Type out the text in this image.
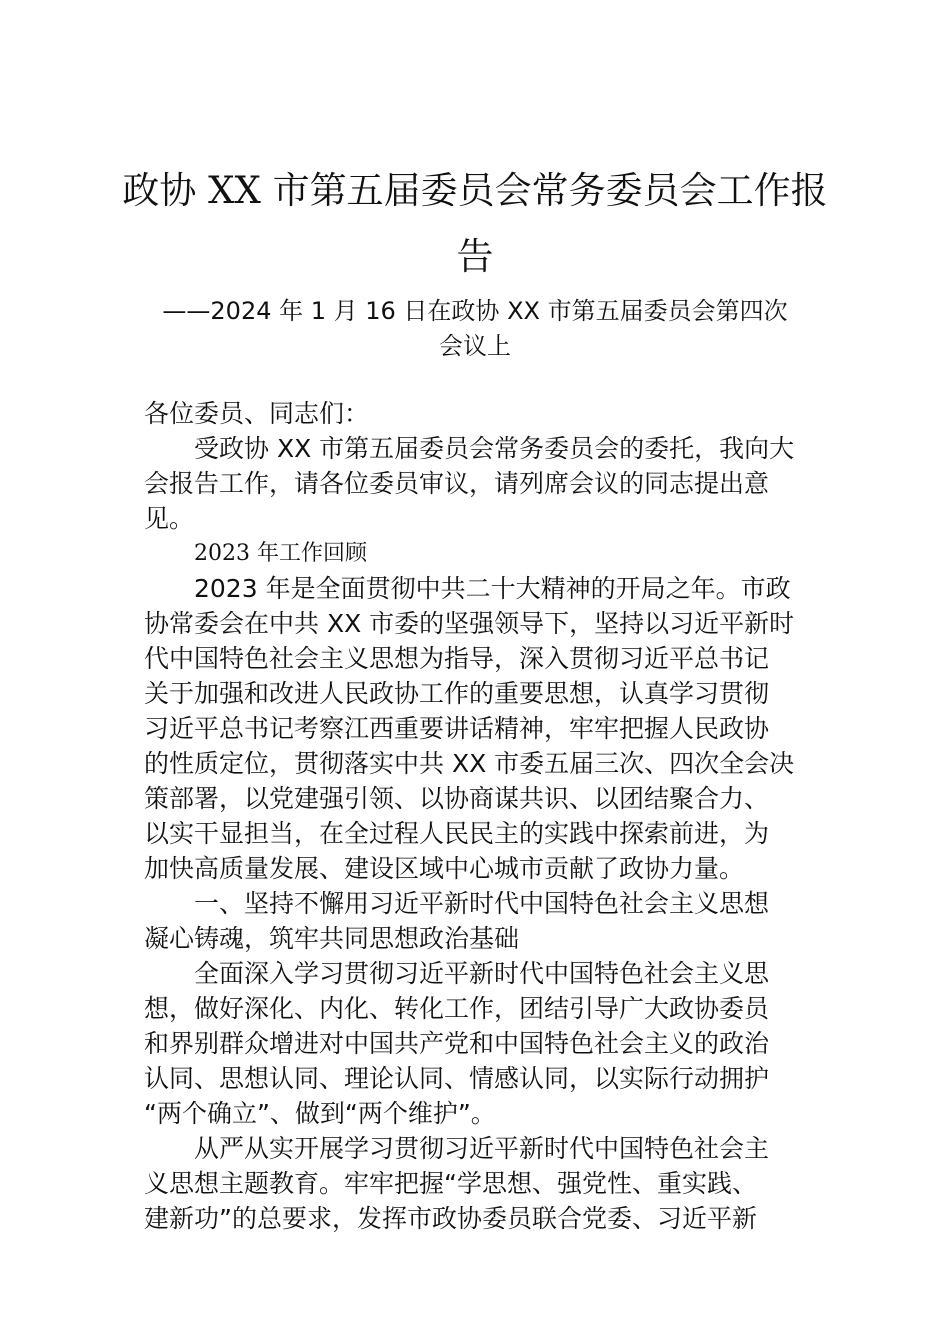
政协 XX 市第五届委员会常务委员会工作报
告
——2024 年 1 月 16 日在政协 XX 市第五届委员会第四次
会议上
各位委员、同志们：
受政协 XX 市第五届委员会常务委员会的委托，我向大
会报告工作，请各位委员审议，请列席会议的同志提出意
见。
2023 年工作回顾
2023 年是全面贯彻中共二十大精神的开局之年。市政
协常委会在中共 XX 市委的坚强领导下，坚持以习近平新时
代中国特色社会主义思想为指导，深入贯彻习近平总书记
关于加强和改进人民政协工作的重要思想，认真学习贯彻
习近平总书记考察江西重要讲话精神，牢牢把握人民政协
的性质定位，贯彻落实中共 XX 市委五届三次、四次全会决
策部署，以党建强引领、以协商谋共识、以团结聚合力、
以实干显担当，在全过程人民民主的实践中探索前进，为
加快高质量发展、建设区域中心城市贡献了政协力量。
一、坚持不懈用习近平新时代中国特色社会主义思想
凝心铸魂，筑牢共同思想政治基础
全面深入学习贯彻习近平新时代中国特色社会主义思
想，做好深化、内化、转化工作，团结引导广大政协委员
和界别群众增进对中国共产党和中国特色社会主义的政治
认同、思想认同、理论认同、情感认同，以实际行动拥护
“两个确立”、做到“两个维护”。
从严从实开展学习贯彻习近平新时代中国特色社会主
义思想主题教育。牢牢把握“学思想、强党性、重实践、
建新功”的总要求，发挥市政协委员联合党委、习近平新
